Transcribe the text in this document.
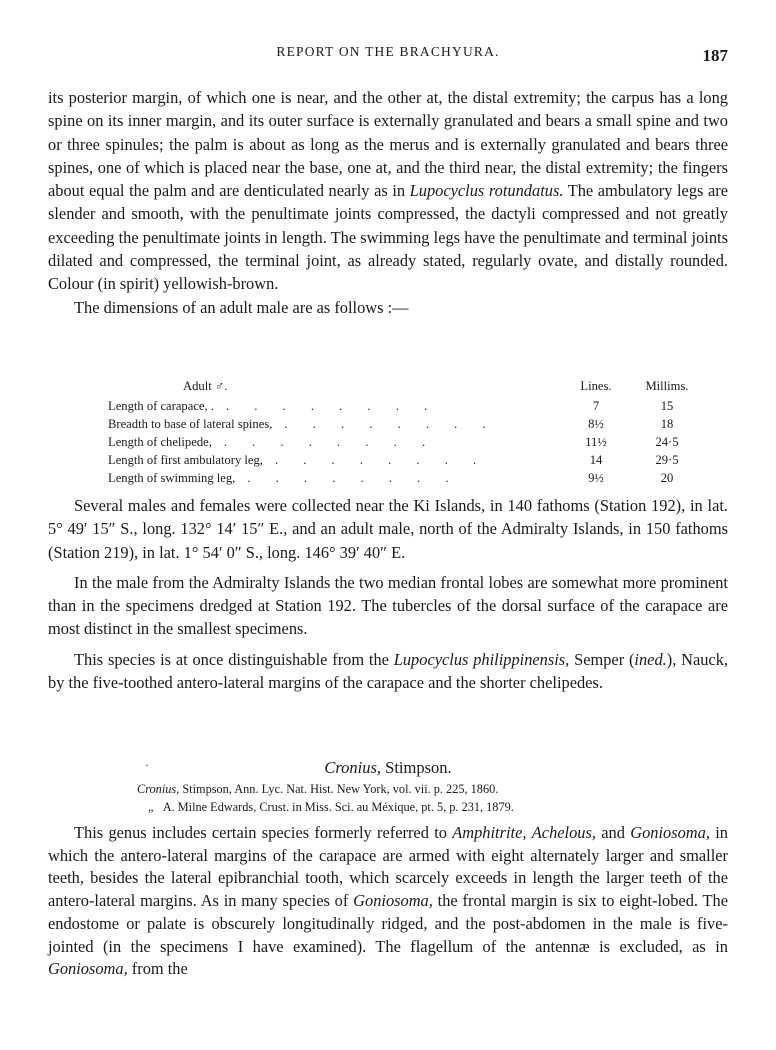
REPORT ON THE BRACHYURA.	187

its posterior margin, of which one is near, and the other at, the distal extremity; the carpus has a long spine on its inner margin, and its outer surface is externally granulated and bears a small spine and two or three spinules; the palm is about as long as the merus and is externally granulated and bears three spines, one of which is placed near the base, one at, and the third near, the distal extremity; the fingers about equal the palm and are denticulated nearly as in Lupocyclus rotundatus. The ambulatory legs are slender and smooth, with the penultimate joints compressed, the dactyli compressed and not greatly exceeding the penultimate joints in length. The swimming legs have the penultimate and terminal joints dilated and compressed, the terminal joint, as already stated, regularly ovate, and distally rounded. Colour (in spirit) yellowish-brown.

The dimensions of an adult male are as follows :—

Adult ♂.	Lines.	Millims.
Length of carapace, . . . . . . . . .	7	15
Breadth to base of lateral spines, . . . . . . . .	8½	18
Length of chelipede, . . . . . . . .	11½	24·5
Length of first ambulatory leg, . . . . . . . .	14	29·5
Length of swimming leg, . . . . . . . .	9½	20

Several males and females were collected near the Ki Islands, in 140 fathoms (Station 192), in lat. 5° 49′ 15″ S., long. 132° 14′ 15″ E., and an adult male, north of the Admiralty Islands, in 150 fathoms (Station 219), in lat. 1° 54′ 0″ S., long. 146° 39′ 40″ E.

In the male from the Admiralty Islands the two median frontal lobes are somewhat more prominent than in the specimens dredged at Station 192. The tubercles of the dorsal surface of the carapace are most distinct in the smallest specimens.

This species is at once distinguishable from the Lupocyclus philippinensis, Semper (ined.), Nauck, by the five-toothed antero-lateral margins of the carapace and the shorter chelipedes.

·	Cronius, Stimpson.
Cronius, Stimpson, Ann. Lyc. Nat. Hist. New York, vol. vii. p. 225, 1860.
„ A. Milne Edwards, Crust. in Miss. Sci. au Méxique, pt. 5, p. 231, 1879.

This genus includes certain species formerly referred to Amphitrite, Achelous, and Goniosoma, in which the antero-lateral margins of the carapace are armed with eight alternately larger and smaller teeth, besides the lateral epibranchial tooth, which scarcely exceeds in length the larger teeth of the antero-lateral margins. As in many species of Goniosoma, the frontal margin is six to eight-lobed. The endostome or palate is obscurely longitudinally ridged, and the post-abdomen in the male is five-jointed (in the specimens I have examined). The flagellum of the antennæ is excluded, as in Goniosoma, from the
